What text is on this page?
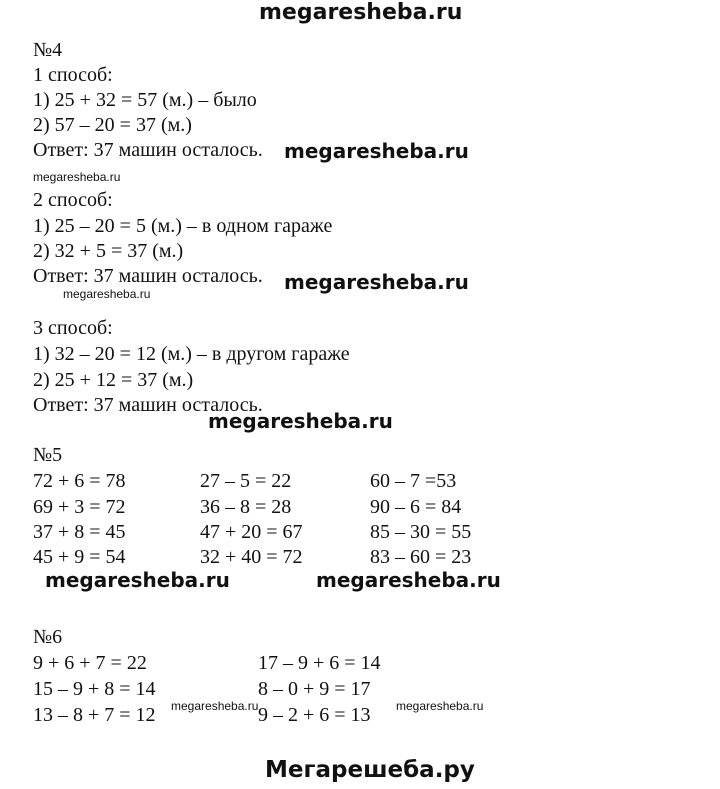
megaresheba.ru
№4
1 способ:
1) 25 + 32 = 57 (м.) – было
2) 57 – 20 = 37 (м.)
Ответ: 37 машин осталось. megaresheba.ru
megaresheba.ru
2 способ:
1) 25 – 20 = 5 (м.) – в одном гараже
2) 32 + 5 = 37 (м.)
Ответ: 37 машин осталось. megaresheba.ru
megaresheba.ru
3 способ:
1) 32 – 20 = 12 (м.) – в другом гараже
2) 25 + 12 = 37 (м.)
Ответ: 37 машин осталось.
megaresheba.ru
№5
72 + 6 = 78	27 – 5 = 22	60 – 7 =53
69 + 3 = 72	36 – 8 = 28	90 – 6 = 84
37 + 8 = 45	47 + 20 = 67	85 – 30 = 55
45 + 9 = 54	32 + 40 = 72	83 – 60 = 23
megaresheba.ru	megaresheba.ru
№6
9 + 6 + 7 = 22	17 – 9 + 6 = 14
15 – 9 + 8 = 14	8 – 0 + 9 = 17
13 – 8 + 7 = 12 megaresheba.ru 9 – 2 + 6 = 13 megaresheba.ru
Мегарешеба.ру
